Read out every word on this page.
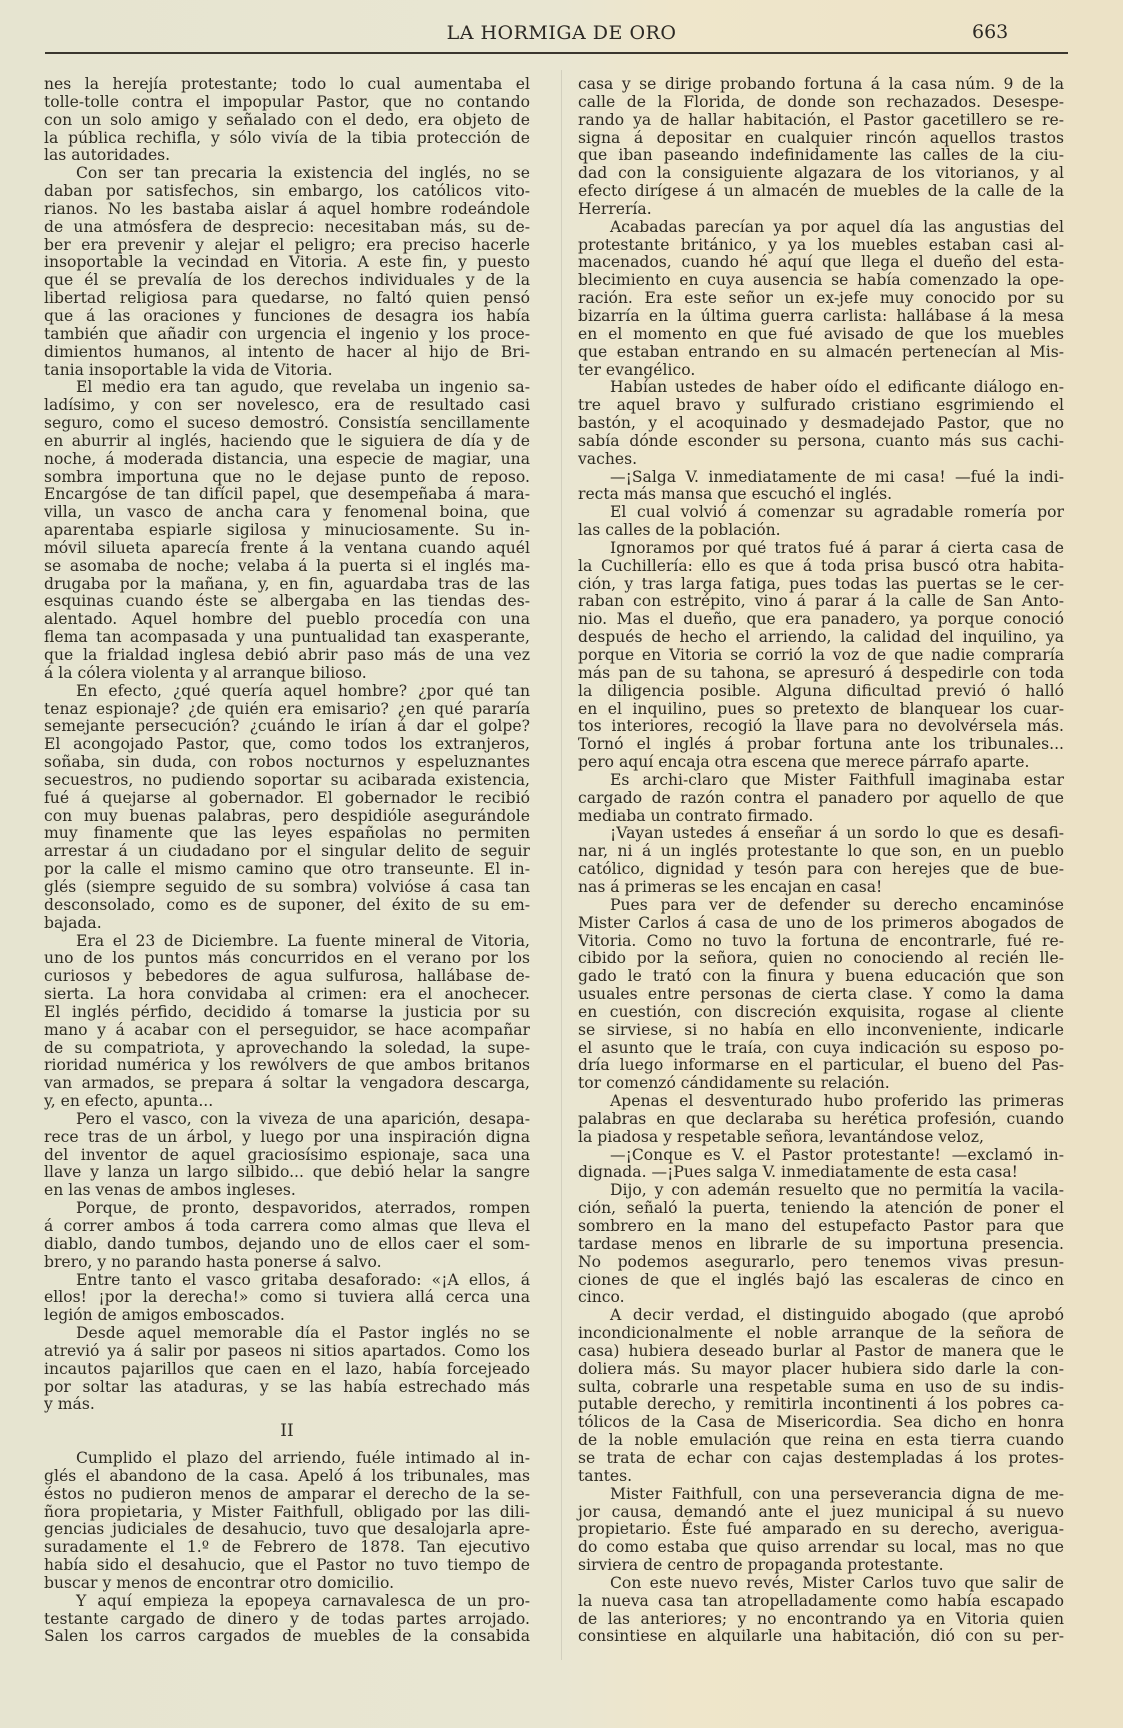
LA HORMIGA DE ORO	663
nes la herejía protestante; todo lo cual aumentaba el
tolle-tolle contra el impopular Pastor, que no contando
con un solo amigo y señalado con el dedo, era objeto de
la pública rechifla, y sólo vivía de la tibia protección de
las autoridades.
Con ser tan precaria la existencia del inglés, no se
daban por satisfechos, sin embargo, los católicos vito-
rianos. No les bastaba aislar á aquel hombre rodeándole
de una atmósfera de desprecio: necesitaban más, su de-
ber era prevenir y alejar el peligro; era preciso hacerle
insoportable la vecindad en Vitoria. A este fin, y puesto
que él se prevalía de los derechos individuales y de la
libertad religiosa para quedarse, no faltó quien pensó
que á las oraciones y funciones de desagra ios había
también que añadir con urgencia el ingenio y los proce-
dimientos humanos, al intento de hacer al hijo de Bri-
tania insoportable la vida de Vitoria.
El medio era tan agudo, que revelaba un ingenio sa-
ladísimo, y con ser novelesco, era de resultado casi
seguro, como el suceso demostró. Consistía sencillamente
en aburrir al inglés, haciendo que le siguiera de día y de
noche, á moderada distancia, una especie de magiar, una
sombra importuna que no le dejase punto de reposo.
Encargóse de tan difícil papel, que desempeñaba á mara-
villa, un vasco de ancha cara y fenomenal boina, que
aparentaba espiarle sigilosa y minuciosamente. Su in-
móvil silueta aparecía frente á la ventana cuando aquél
se asomaba de noche; velaba á la puerta si el inglés ma-
drugaba por la mañana, y, en fin, aguardaba tras de las
esquinas cuando éste se albergaba en las tiendas des-
alentado. Aquel hombre del pueblo procedía con una
flema tan acompasada y una puntualidad tan exasperante,
que la frialdad inglesa debió abrir paso más de una vez
á la cólera violenta y al arranque bilioso.
En efecto, ¿qué quería aquel hombre? ¿por qué tan
tenaz espionaje? ¿de quién era emisario? ¿en qué pararía
semejante persecución? ¿cuándo le irían á dar el golpe?
El acongojado Pastor, que, como todos los extranjeros,
soñaba, sin duda, con robos nocturnos y espeluznantes
secuestros, no pudiendo soportar su acibarada existencia,
fué á quejarse al gobernador. El gobernador le recibió
con muy buenas palabras, pero despidióle asegurándole
muy finamente que las leyes españolas no permiten
arrestar á un ciudadano por el singular delito de seguir
por la calle el mismo camino que otro transeunte. El in-
glés (siempre seguido de su sombra) volvióse á casa tan
desconsolado, como es de suponer, del éxito de su em-
bajada.
Era el 23 de Diciembre. La fuente mineral de Vitoria,
uno de los puntos más concurridos en el verano por los
curiosos y bebedores de agua sulfurosa, hallábase de-
sierta. La hora convidaba al crimen: era el anochecer.
El inglés pérfido, decidido á tomarse la justicia por su
mano y á acabar con el perseguidor, se hace acompañar
de su compatriota, y aprovechando la soledad, la supe-
rioridad numérica y los rewólvers de que ambos britanos
van armados, se prepara á soltar la vengadora descarga,
y, en efecto, apunta...
Pero el vasco, con la viveza de una aparición, desapa-
rece tras de un árbol, y luego por una inspiración digna
del inventor de aquel graciosísimo espionaje, saca una
llave y lanza un largo silbido... que debió helar la sangre
en las venas de ambos ingleses.
Porque, de pronto, despavoridos, aterrados, rompen
á correr ambos á toda carrera como almas que lleva el
diablo, dando tumbos, dejando uno de ellos caer el som-
brero, y no parando hasta ponerse á salvo.
Entre tanto el vasco gritaba desaforado: «¡A ellos, á
ellos! ¡por la derecha!» como si tuviera allá cerca una
legión de amigos emboscados.
Desde aquel memorable día el Pastor inglés no se
atrevió ya á salir por paseos ni sitios apartados. Como los
incautos pajarillos que caen en el lazo, había forcejeado
por soltar las ataduras, y se las había estrechado más
y más.
II
Cumplido el plazo del arriendo, fuéle intimado al in-
glés el abandono de la casa. Apeló á los tribunales, mas
éstos no pudieron menos de amparar el derecho de la se-
ñora propietaria, y Mister Faithfull, obligado por las dili-
gencias judiciales de desahucio, tuvo que desalojarla apre-
suradamente el 1.º de Febrero de 1878. Tan ejecutivo
había sido el desahucio, que el Pastor no tuvo tiempo de
buscar y menos de encontrar otro domicilio.
Y aquí empieza la epopeya carnavalesca de un pro-
testante cargado de dinero y de todas partes arrojado.
Salen los carros cargados de muebles de la consabida
casa y se dirige probando fortuna á la casa núm. 9 de la
calle de la Florida, de donde son rechazados. Desespe-
rando ya de hallar habitación, el Pastor gacetillero se re-
signa á depositar en cualquier rincón aquellos trastos
que iban paseando indefinidamente las calles de la ciu-
dad con la consiguiente algazara de los vitorianos, y al
efecto dirígese á un almacén de muebles de la calle de la
Herrería.
Acabadas parecían ya por aquel día las angustias del
protestante británico, y ya los muebles estaban casi al-
macenados, cuando hé aquí que llega el dueño del esta-
blecimiento en cuya ausencia se había comenzado la ope-
ración. Era este señor un ex-jefe muy conocido por su
bizarría en la última guerra carlista: hallábase á la mesa
en el momento en que fué avisado de que los muebles
que estaban entrando en su almacén pertenecían al Mis-
ter evangélico.
Habían ustedes de haber oído el edificante diálogo en-
tre aquel bravo y sulfurado cristiano esgrimiendo el
bastón, y el acoquinado y desmadejado Pastor, que no
sabía dónde esconder su persona, cuanto más sus cachi-
vaches.
—¡Salga V. inmediatamente de mi casa! —fué la indi-
recta más mansa que escuchó el inglés.
El cual volvió á comenzar su agradable romería por
las calles de la población.
Ignoramos por qué tratos fué á parar á cierta casa de
la Cuchillería: ello es que á toda prisa buscó otra habita-
ción, y tras larga fatiga, pues todas las puertas se le cer-
raban con estrépito, vino á parar á la calle de San Anto-
nio. Mas el dueño, que era panadero, ya porque conoció
después de hecho el arriendo, la calidad del inquilino, ya
porque en Vitoria se corrió la voz de que nadie compraría
más pan de su tahona, se apresuró á despedirle con toda
la diligencia posible. Alguna dificultad previó ó halló
en el inquilino, pues so pretexto de blanquear los cuar-
tos interiores, recogió la llave para no devolvérsela más.
Tornó el inglés á probar fortuna ante los tribunales...
pero aquí encaja otra escena que merece párrafo aparte.
Es archi-claro que Mister Faithfull imaginaba estar
cargado de razón contra el panadero por aquello de que
mediaba un contrato firmado.
¡Vayan ustedes á enseñar á un sordo lo que es desafi-
nar, ni á un inglés protestante lo que son, en un pueblo
católico, dignidad y tesón para con herejes que de bue-
nas á primeras se les encajan en casa!
Pues para ver de defender su derecho encaminóse
Mister Carlos á casa de uno de los primeros abogados de
Vitoria. Como no tuvo la fortuna de encontrarle, fué re-
cibido por la señora, quien no conociendo al recién lle-
gado le trató con la finura y buena educación que son
usuales entre personas de cierta clase. Y como la dama
en cuestión, con discreción exquisita, rogase al cliente
se sirviese, si no había en ello inconveniente, indicarle
el asunto que le traía, con cuya indicación su esposo po-
dría luego informarse en el particular, el bueno del Pas-
tor comenzó cándidamente su relación.
Apenas el desventurado hubo proferido las primeras
palabras en que declaraba su herética profesión, cuando
la piadosa y respetable señora, levantándose veloz,
—¡Conque es V. el Pastor protestante! —exclamó in-
dignada. —¡Pues salga V. inmediatamente de esta casa!
Dijo, y con ademán resuelto que no permitía la vacila-
ción, señaló la puerta, teniendo la atención de poner el
sombrero en la mano del estupefacto Pastor para que
tardase menos en librarle de su importuna presencia.
No podemos asegurarlo, pero tenemos vivas presun-
ciones de que el inglés bajó las escaleras de cinco en
cinco.
A decir verdad, el distinguido abogado (que aprobó
incondicionalmente el noble arranque de la señora de
casa) hubiera deseado burlar al Pastor de manera que le
doliera más. Su mayor placer hubiera sido darle la con-
sulta, cobrarle una respetable suma en uso de su indis-
putable derecho, y remitirla incontinenti á los pobres ca-
tólicos de la Casa de Misericordia. Sea dicho en honra
de la noble emulación que reina en esta tierra cuando
se trata de echar con cajas destempladas á los protes-
tantes.
Mister Faithfull, con una perseverancia digna de me-
jor causa, demandó ante el juez municipal á su nuevo
propietario. Éste fué amparado en su derecho, averigua-
do como estaba que quiso arrendar su local, mas no que
sirviera de centro de propaganda protestante.
Con este nuevo revés, Mister Carlos tuvo que salir de
la nueva casa tan atropelladamente como había escapado
de las anteriores; y no encontrando ya en Vitoria quien
consintiese en alquilarle una habitación, dió con su per-
